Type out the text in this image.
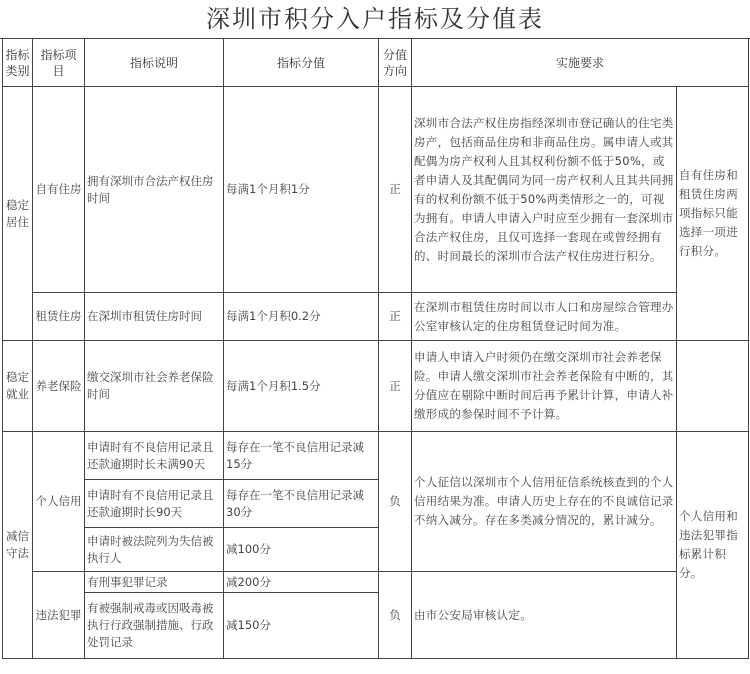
深圳市积分入户指标及分值表
指标类别	指标项目	指标说明	指标分值	分值方向	实施要求	
稳定居住	自有住房	拥有深圳市合法产权住房时间	每满1个月积1分	正	深圳市合法产权住房指经深圳市登记确认的住宅类房产，包括商品住房和非商品住房。属申请人或其配偶为房产权利人且其权利份额不低于50%，或者申请人及其配偶同为同一房产权利人且其共同拥有的权利份额不低于50%两类情形之一的，可视为拥有。申请人申请入户时应至少拥有一套深圳市合法产权住房，且仅可选择一套现在或曾经拥有的、时间最长的深圳市合法产权住房进行积分。	自有住房和租赁住房两项指标只能选择一项进行积分。
	租赁住房	在深圳市租赁住房时间	每满1个月积0.2分	正	在深圳市租赁住房时间以市人口和房屋综合管理办公室审核认定的住房租赁登记时间为准。	
稳定就业	养老保险	缴交深圳市社会养老保险时间	每满1个月积1.5分	正	申请人申请入户时须仍在缴交深圳市社会养老保险。申请人缴交深圳市社会养老保险有中断的，其分值应在剔除中断时间后再予累计计算，申请人补缴形成的参保时间不予计算。	
减信守法	个人信用	申请时有不良信用记录且还款逾期时长未满90天	每存在一笔不良信用记录减15分	负	个人征信以深圳市个人信用征信系统核查到的个人信用结果为准。申请人历史上存在的不良诚信记录不纳入减分。存在多类减分情况的，累计减分。	个人信用和违法犯罪指标累计积分。
		申请时有不良信用记录且还款逾期时长90天	每存在一笔不良信用记录减30分			
		申请时被法院列为失信被执行人	减100分			
	违法犯罪	有刑事犯罪记录	减200分	负	由市公安局审核认定。	
		有被强制戒毒或因吸毒被执行行政强制措施、行政处罚记录	减150分			
